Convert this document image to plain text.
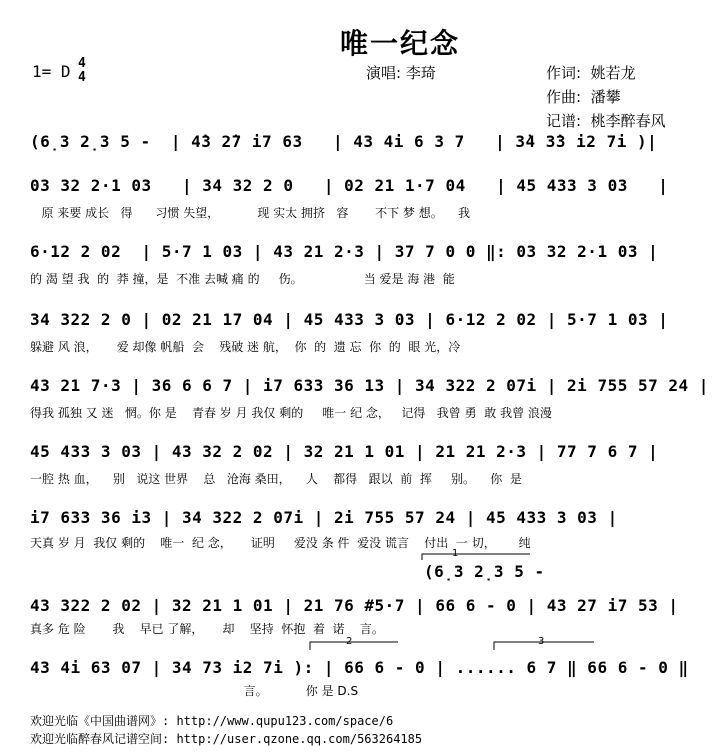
唯一纪念
1= D 4
4	演唱: 李琦	作词:  姚若龙
作曲:  潘攀
记谱:  桃李醉春风
(6̣3 2̣3 5 -  | 4̇3 2̇7 i7 63   | 43 4i 6 3 7   | 3̇4 3̇3 i2 7i )|
03 32 2·1 03   | 34 32 2 0   | 02 21 1·7 04   | 45 433 3 03   |
原 来要 成长   得      习惯 失望，          现 实太 拥挤   容       不下 梦 想。    我
6·12 2 02  | 5·7 1 03 | 43 21 2·3 | 37 7 0 0 ‖: 03 32 2·1 03 |
的 渴 望 我  的  莽 撞，是  不准 去喊 痛 的     伤。                当 爱是 海 港  能
34 322 2 0 | 02 21 17 04 | 45 433 3 03 | 6·12 2 02 | 5·7 1 03 |
躲避 风 浪，     爱 却像 帆船  会    残破 迷 航，  你  的  遗 忘  你  的  眼 光，冷
43 21 7·3 | 36 6 6 7 | i7 633 36 13 | 34 322 2 07i | 2i 755 57 24 |
得我 孤独 又 迷   惘。你 是    青春 岁 月 我仅 剩的     唯一 纪 念，   记得   我曾 勇  敢 我曾 浪漫
45 433 3 03 | 43 32 2 02 | 32 21 1 01 | 21 21 2·3 | 77 7 6 7 |
一腔 热 血，    别   说这 世界    总   沧海 桑田，    人    都得   跟以  前  挥     别。    你  是
i7 633 36 i3 | 34 322 2 07i | 2i 755 57 24 | 45 433 3 03 |
天真 岁 月  我仅 剩的    唯一  纪 念，     证明     爱没 条 件  爱没 谎言    付出  一 切，      纯
(6̣3 2̣3 5 -
43 322 2 02 | 32 21 1 01 | 21 76 #5·7 | 66 6 - 0 | 43 27 i7 53 |
真多 危 险       我    早已 了解，     却    坚持  怀抱  着  诺    言。
43 4i 63 07 | 34 73 i2 7i ): | 66 6 - 0 | ...... 6 7 ‖ 66 6 - 0 ‖
言。          你 是 D.S
1
2	3
欢迎光临《中国曲谱网》: http://www.qupu123.com/space/6
欢迎光临醉春风记谱空间: http://user.qzone.qq.com/563264185
